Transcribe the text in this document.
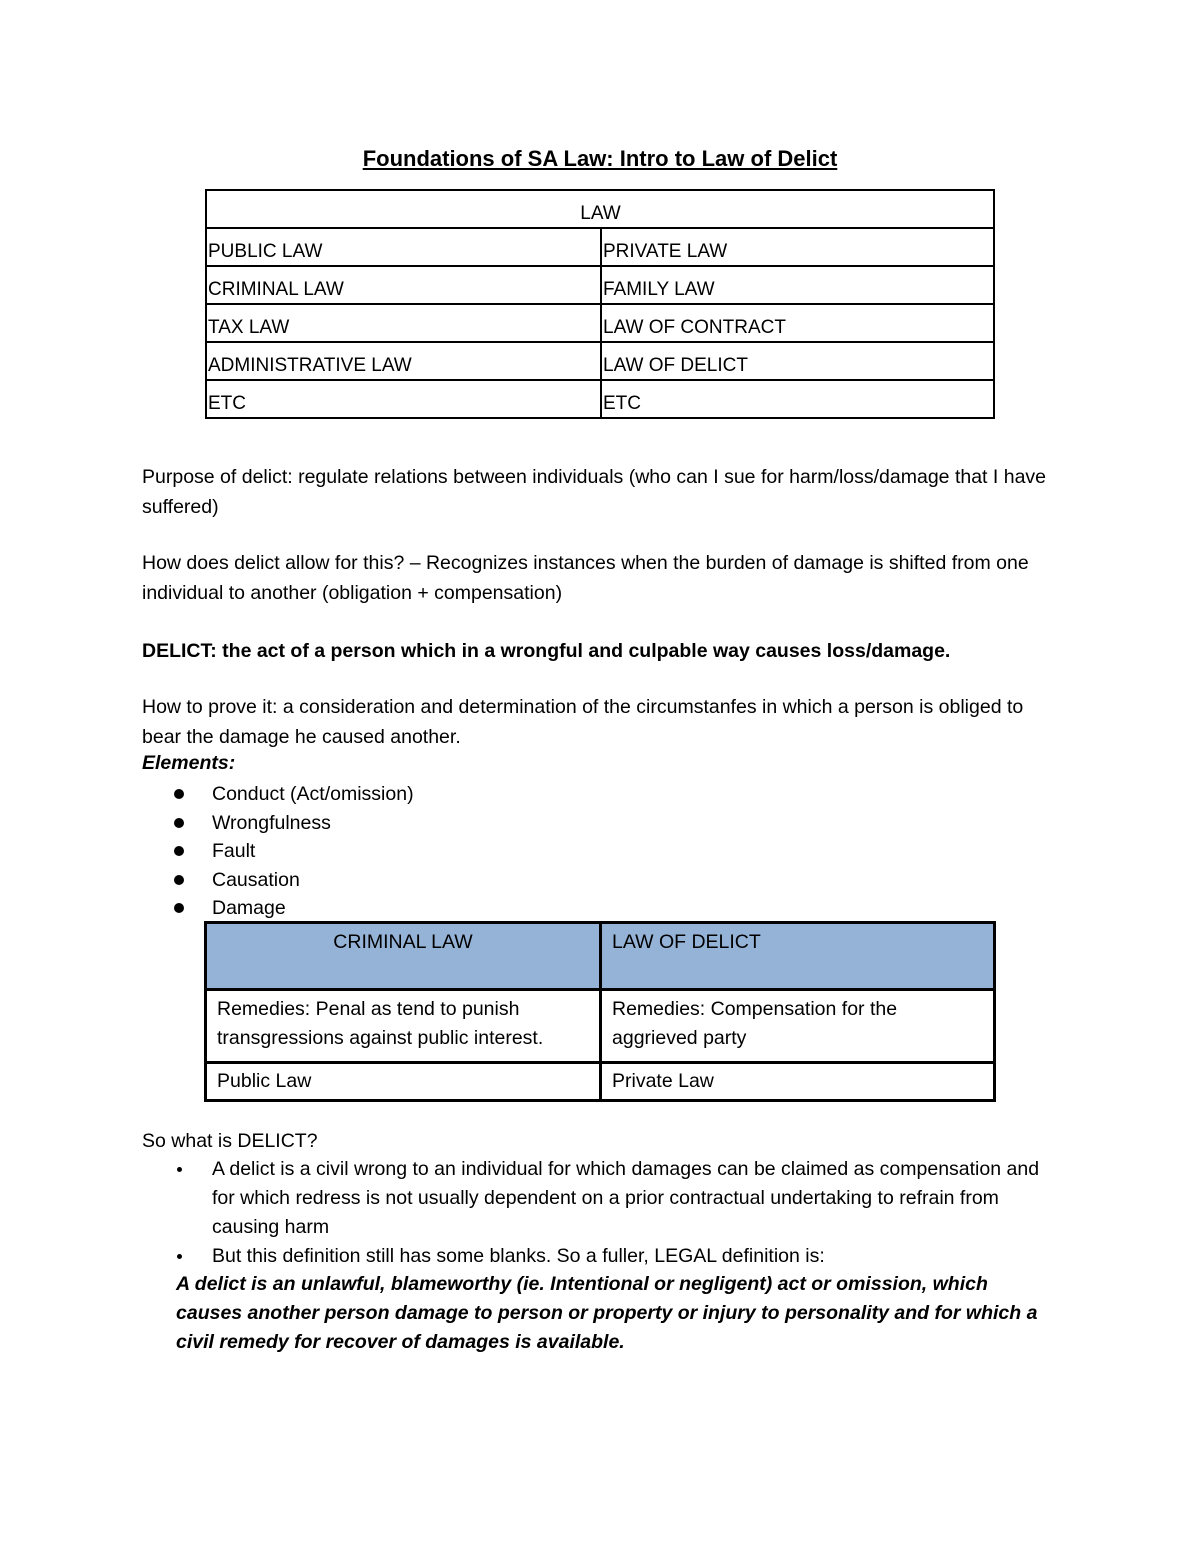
Foundations of SA Law: Intro to Law of Delict
LAW	
PUBLIC LAW	PRIVATE LAW
CRIMINAL LAW	FAMILY LAW
TAX LAW	LAW OF CONTRACT
ADMINISTRATIVE LAW	LAW OF DELICT
ETC	ETC
Purpose of delict: regulate relations between individuals (who can I sue for harm/loss/damage that I have suffered)
How does delict allow for this? – Recognizes instances when the burden of damage is shifted from one individual to another (obligation + compensation)
DELICT: the act of a person which in a wrongful and culpable way causes loss/damage.
How to prove it: a consideration and determination of the circumstanfes in which a person is obliged to bear the damage he caused another.
Elements:
Conduct (Act/omission)
Wrongfulness
Fault
Causation
Damage
CRIMINAL LAW	LAW OF DELICT
Remedies: Penal as tend to punish transgressions against public interest.	Remedies: Compensation for the aggrieved party
Public Law	Private Law
So what is DELICT?
A delict is a civil wrong to an individual for which damages can be claimed as compensation and for which redress is not usually dependent on a prior contractual undertaking to refrain from causing harm
But this definition still has some blanks. So a fuller, LEGAL definition is:
A delict is an unlawful, blameworthy (ie. Intentional or negligent) act or omission, which causes another person damage to person or property or injury to personality and for which a civil remedy for recover of damages is available.
